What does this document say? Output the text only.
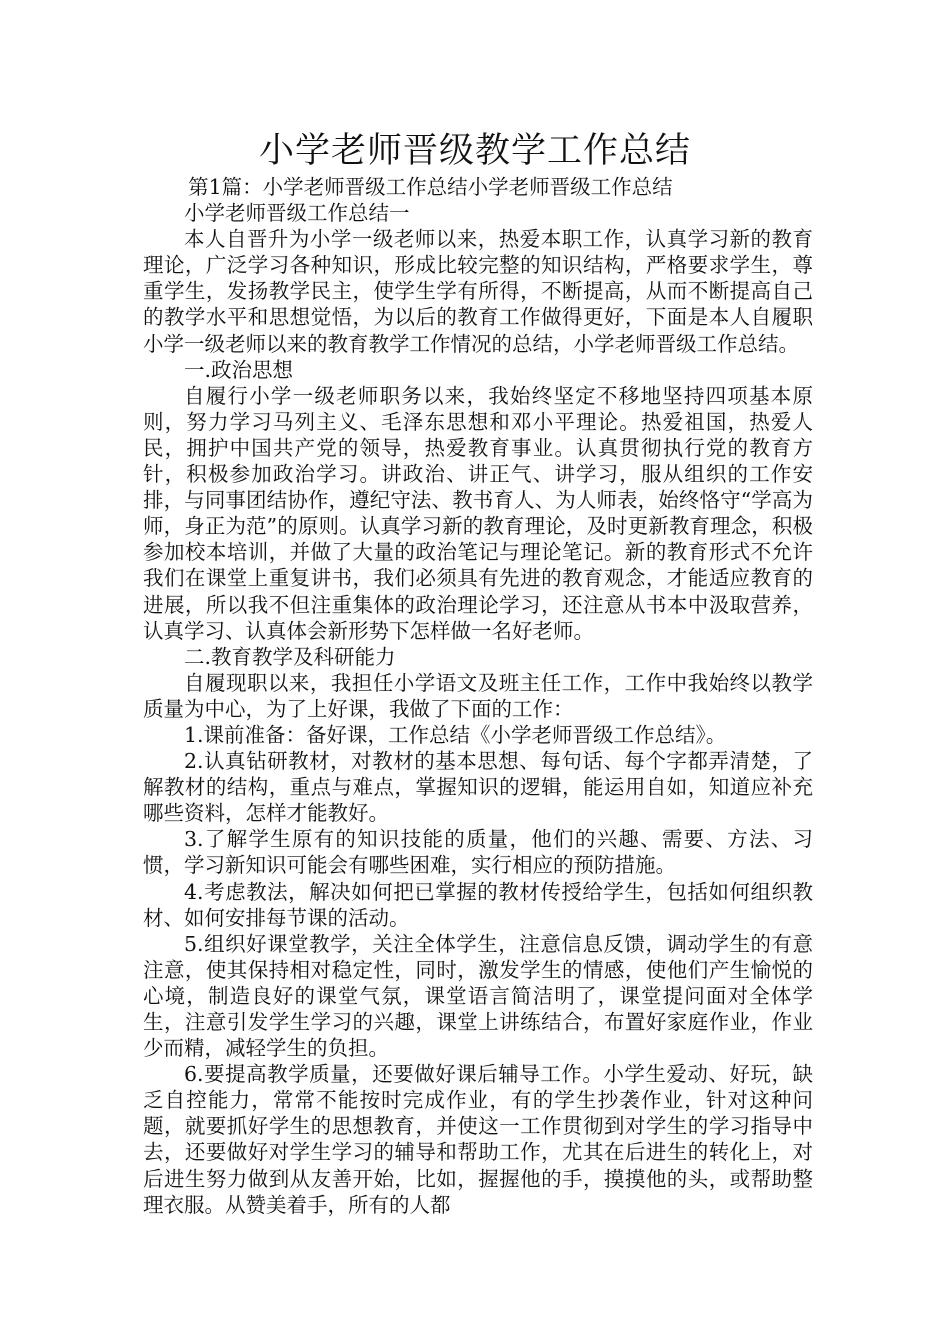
小学老师晋级教学工作总结

第1篇：小学老师晋级工作总结小学老师晋级工作总结

小学老师晋级工作总结一

本人自晋升为小学一级老师以来，热爱本职工作，认真学习新的教育理论，广泛学习各种知识，形成比较完整的知识结构，严格要求学生，尊重学生，发扬教学民主，使学生学有所得，不断提高，从而不断提高自己的教学水平和思想觉悟，为以后的教育工作做得更好，下面是本人自履职小学一级老师以来的教育教学工作情况的总结，小学老师晋级工作总结。

一.政治思想

自履行小学一级老师职务以来，我始终坚定不移地坚持四项基本原则，努力学习马列主义、毛泽东思想和邓小平理论。热爱祖国，热爱人民，拥护中国共产党的领导，热爱教育事业。认真贯彻执行党的教育方针，积极参加政治学习。讲政治、讲正气、讲学习，服从组织的工作安排，与同事团结协作，遵纪守法、教书育人、为人师表，始终恪守“学高为师，身正为范”的原则。认真学习新的教育理论，及时更新教育理念，积极参加校本培训，并做了大量的政治笔记与理论笔记。新的教育形式不允许我们在课堂上重复讲书，我们必须具有先进的教育观念，才能适应教育的进展，所以我不但注重集体的政治理论学习，还注意从书本中汲取营养，认真学习、认真体会新形势下怎样做一名好老师。

二.教育教学及科研能力

自履现职以来，我担任小学语文及班主任工作，工作中我始终以教学质量为中心，为了上好课，我做了下面的工作：

1.课前准备：备好课，工作总结《小学老师晋级工作总结》。

2.认真钻研教材，对教材的基本思想、每句话、每个字都弄清楚，了解教材的结构，重点与难点，掌握知识的逻辑，能运用自如，知道应补充哪些资料，怎样才能教好。

3.了解学生原有的知识技能的质量，他们的兴趣、需要、方法、习惯，学习新知识可能会有哪些困难，实行相应的预防措施。

4.考虑教法，解决如何把已掌握的教材传授给学生，包括如何组织教材、如何安排每节课的活动。

5.组织好课堂教学，关注全体学生，注意信息反馈，调动学生的有意注意，使其保持相对稳定性，同时，激发学生的情感，使他们产生愉悦的心境，制造良好的课堂气氛，课堂语言简洁明了，课堂提问面对全体学生，注意引发学生学习的兴趣，课堂上讲练结合，布置好家庭作业，作业少而精，减轻学生的负担。

6.要提高教学质量，还要做好课后辅导工作。小学生爱动、好玩，缺乏自控能力，常常不能按时完成作业，有的学生抄袭作业，针对这种问题，就要抓好学生的思想教育，并使这一工作贯彻到对学生的学习指导中去，还要做好对学生学习的辅导和帮助工作，尤其在后进生的转化上，对后进生努力做到从友善开始，比如，握握他的手，摸摸他的头，或帮助整理衣服。从赞美着手，所有的人都
